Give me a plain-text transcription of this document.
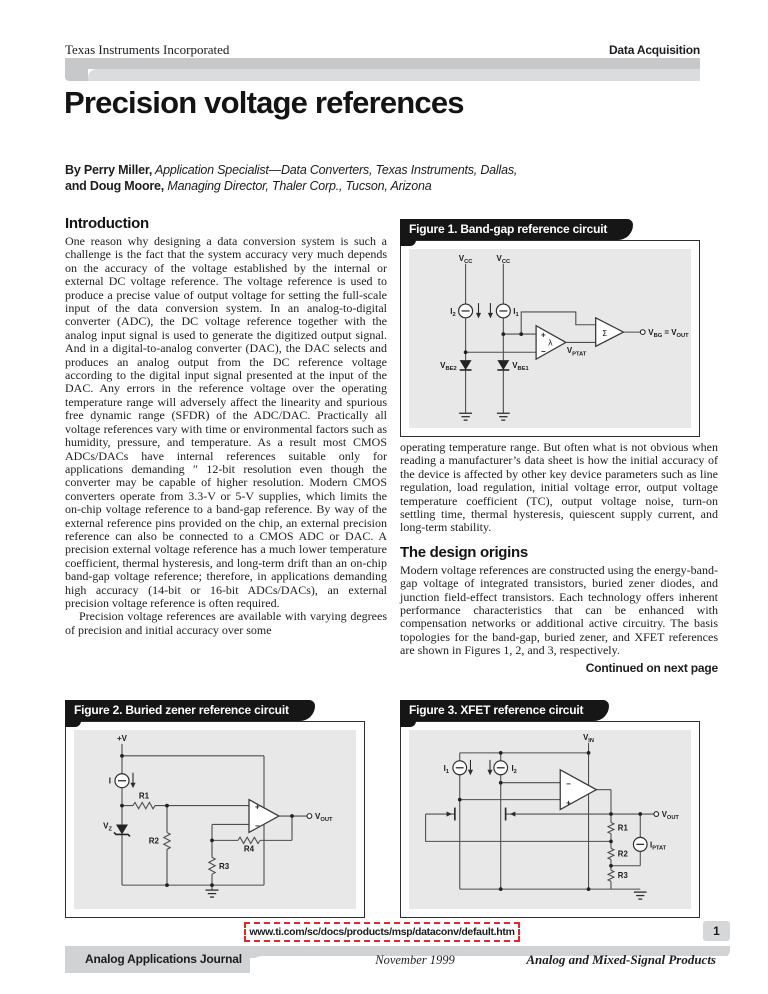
Texas Instruments Incorporated	Data Acquisition
Precision voltage references
By Perry Miller, Application Specialist—Data Converters, Texas Instruments, Dallas,
and Doug Moore, Managing Director, Thaler Corp., Tucson, Arizona
Introduction

One reason why designing a data conversion system is such a challenge is the fact that the system accuracy very much depends on the accuracy of the voltage established by the internal or external DC voltage reference. The voltage reference is used to produce a precise value of output voltage for setting the full-scale input of the data conversion system. In an analog-to-digital converter (ADC), the DC voltage reference together with the analog input signal is used to generate the digitized output signal. And in a digital-to-analog converter (DAC), the DAC selects and produces an analog output from the DC reference voltage according to the digital input signal presented at the input of the DAC. Any errors in the reference voltage over the operating temperature range will adversely affect the linearity and spurious free dynamic range (SFDR) of the ADC/DAC. Practically all voltage references vary with time or environmental factors such as humidity, pressure, and temperature. As a result most CMOS ADCs/DACs have internal references suitable only for applications demanding ″ 12-bit resolution even though the converter may be capable of higher resolution. Modern CMOS converters operate from 3.3-V or 5-V supplies, which limits the on-chip voltage reference to a band-gap reference. By way of the external reference pins provided on the chip, an external precision reference can also be connected to a CMOS ADC or DAC. A precision external voltage reference has a much lower temperature coefficient, thermal hysteresis, and long-term drift than an on-chip band-gap voltage reference; therefore, in applications demanding high accuracy (14-bit or 16-bit ADCs/DACs), an external precision voltage reference is often required.

Precision voltage references are available with varying degrees of precision and initial accuracy over some

operating temperature range. But often what is not obvious when reading a manufacturer’s data sheet is how the initial accuracy of the device is affected by other key device parameters such as line regulation, load regulation, initial voltage error, output voltage temperature coefficient (TC), output voltage noise, turn-on settling time, thermal hysteresis, quiescent supply current, and long-term stability.

The design origins

Modern voltage references are constructed using the energy-band-gap voltage of integrated transistors, buried zener diodes, and junction field-effect transistors. Each technology offers inherent performance characteristics that can be enhanced with compensation networks or additional active circuitry. The basis topologies for the band-gap, buried zener, and XFET references are shown in Figures 1, 2, and 3, respectively.

Continued on next page
Figure 1. Band-gap reference circuit
$V_{CC}$	$V_{CC}$
$I_2$	$I_1$
$V_{BE2}$	$V_{BE1}$
+
−
λ
Σ
$V_{PTAT}$
$V_{BG} = V_{OUT}$
Figure 2. Buried zener reference circuit
+V
I
R1
$V_Z$
R2
R3
R4
+
−
$V_{OUT}$
Figure 3. XFET reference circuit
$V_{IN}$
$I_1$	$I_2$
−
+
R1
R2
R3
$I_{PTAT}$
$V_{OUT}$
www.ti.com/sc/docs/products/msp/dataconv/default.htm	1
Analog Applications Journal	November 1999	Analog and Mixed-Signal Products
